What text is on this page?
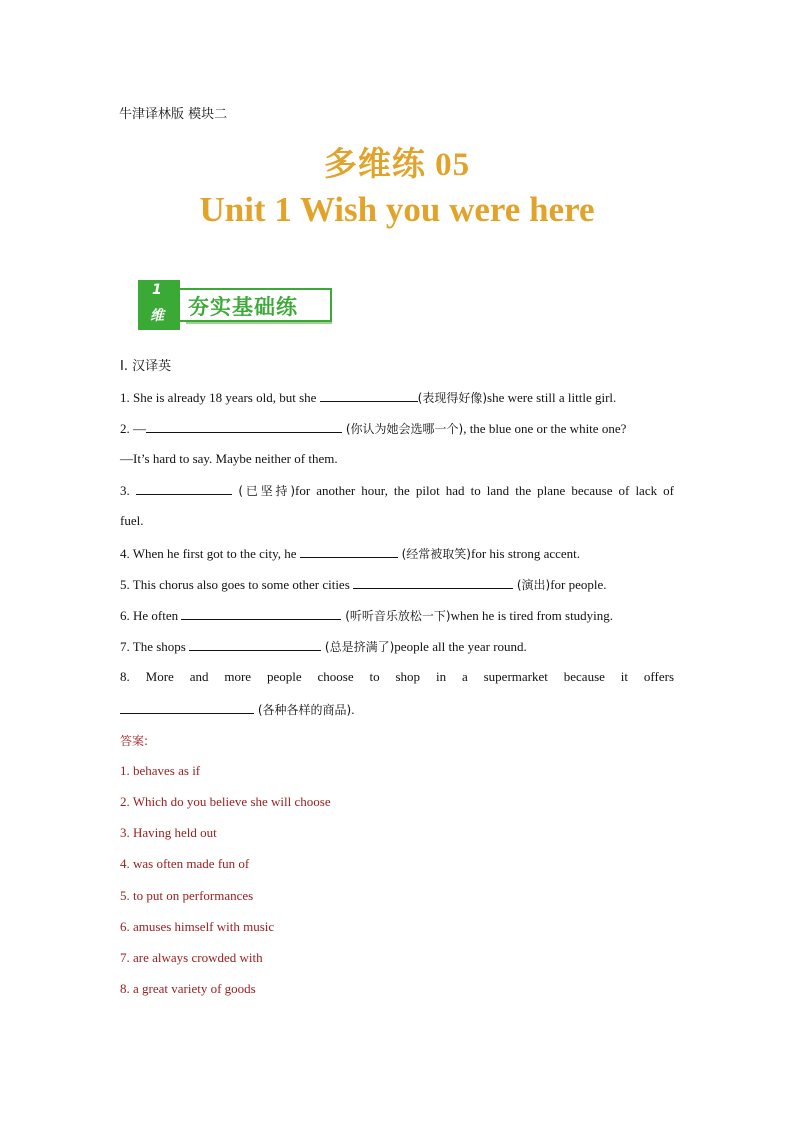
牛津译林版 模块二
多维练 05
Unit 1 Wish you were here
夯实基础练
1
维
I. 汉译英
1. She is already 18 years old, but she	(表现得好像)she were still a little girl.
2. —	(你认为她会选哪一个), the blue one or the white one?
—It’s hard to say. Maybe neither of them.
3.	(已坚持)for another hour, the pilot had to land the plane because of lack of
fuel.
4. When he first got to the city, he	(经常被取笑)for his strong accent.
5. This chorus also goes to some other cities	(演出)for people.
6. He often	(听听音乐放松一下)when he is tired from studying.
7. The shops	(总是挤满了)people all the year round.
8. More and more people choose to shop in a supermarket because it offers
(各种各样的商品).
答案:
1. behaves as if
2. Which do you believe she will choose
3. Having held out
4. was often made fun of
5. to put on performances
6. amuses himself with music
7. are always crowded with
8. a great variety of goods
